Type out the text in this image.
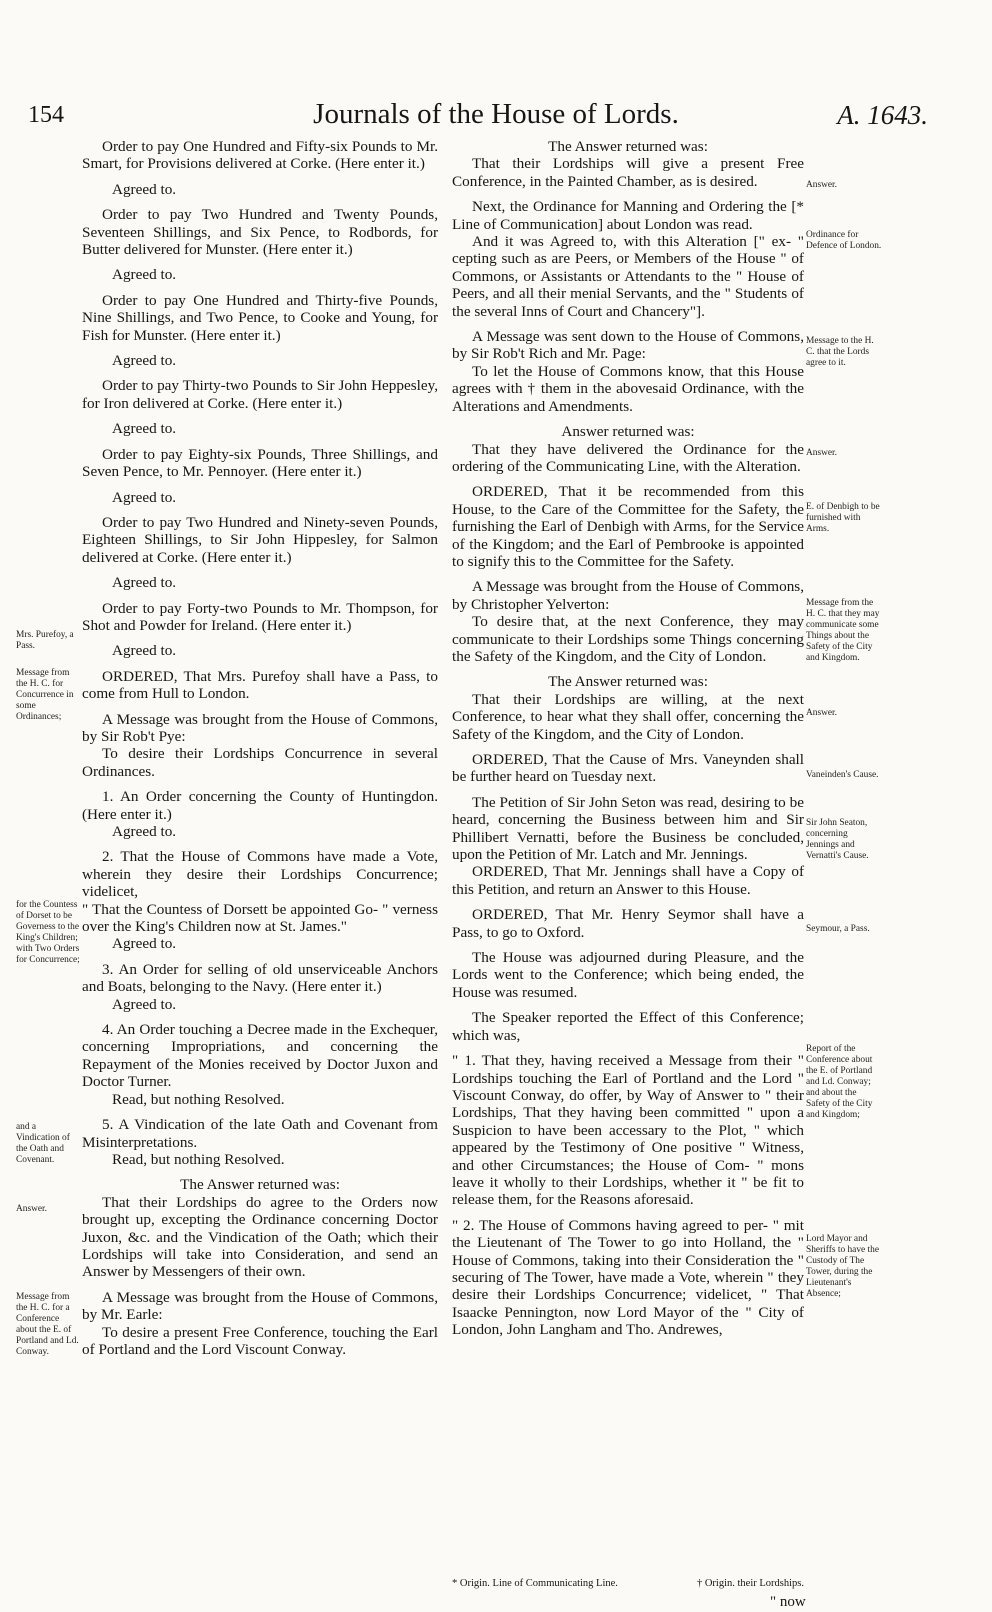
154	Journals of the House of Lords.	A. 1643.

Order to pay One Hundred and Fifty-six Pounds to Mr. Smart, for Provisions delivered at Corke. (Here enter it.)

Agreed to.

Order to pay Two Hundred and Twenty Pounds, Seventeen Shillings, and Six Pence, to Rodbords, for Butter delivered for Munster. (Here enter it.)

Agreed to.

Order to pay One Hundred and Thirty-five Pounds, Nine Shillings, and Two Pence, to Cooke and Young, for Fish for Munster. (Here enter it.)

Agreed to.

Order to pay Thirty-two Pounds to Sir John Heppesley, for Iron delivered at Corke. (Here enter it.)

Agreed to.

Order to pay Eighty-six Pounds, Three Shillings, and Seven Pence, to Mr. Pennoyer. (Here enter it.)

Agreed to.

Order to pay Two Hundred and Ninety-seven Pounds, Eighteen Shillings, to Sir John Hippesley, for Salmon delivered at Corke. (Here enter it.)

Agreed to.

Order to pay Forty-two Pounds to Mr. Thompson, for Shot and Powder for Ireland. (Here enter it.)

Agreed to.

ORDERED, That Mrs. Purefoy shall have a Pass, to come from Hull to London.

A Message was brought from the House of Commons, by Sir Rob't Pye:

To desire their Lordships Concurrence in several Ordinances.

1. An Order concerning the County of Huntingdon. (Here enter it.)

Agreed to.

2. That the House of Commons have made a Vote, wherein they desire their Lordships Concurrence; videlicet,

" That the Countess of Dorsett be appointed Go- " verness over the King's Children now at St. James."

Agreed to.

3. An Order for selling of old unserviceable Anchors and Boats, belonging to the Navy. (Here enter it.)

Agreed to.

4. An Order touching a Decree made in the Exchequer, concerning Impropriations, and concerning the Repayment of the Monies received by Doctor Juxon and Doctor Turner.

Read, but nothing Resolved.

5. A Vindication of the late Oath and Covenant from Misinterpretations.

Read, but nothing Resolved.

The Answer returned was:

That their Lordships do agree to the Orders now brought up, excepting the Ordinance concerning Doctor Juxon, &c. and the Vindication of the Oath; which their Lordships will take into Consideration, and send an Answer by Messengers of their own.

A Message was brought from the House of Commons, by Mr. Earle:

To desire a present Free Conference, touching the Earl of Portland and the Lord Viscount Conway.

The Answer returned was:

That their Lordships will give a present Free Conference, in the Painted Chamber, as is desired.

Next, the Ordinance for Manning and Ordering the [* Line of Communication] about London was read.

And it was Agreed to, with this Alteration [" ex- " cepting such as are Peers, or Members of the House " of Commons, or Assistants or Attendants to the " House of Peers, and all their menial Servants, and the " Students of the several Inns of Court and Chancery"].

A Message was sent down to the House of Commons, by Sir Rob't Rich and Mr. Page:

To let the House of Commons know, that this House agrees with † them in the abovesaid Ordinance, with the Alterations and Amendments.

Answer returned was:

That they have delivered the Ordinance for the ordering of the Communicating Line, with the Alteration.

ORDERED, That it be recommended from this House, to the Care of the Committee for the Safety, the furnishing the Earl of Denbigh with Arms, for the Service of the Kingdom; and the Earl of Pembrooke is appointed to signify this to the Committee for the Safety.

A Message was brought from the House of Commons, by Christopher Yelverton:

To desire that, at the next Conference, they may communicate to their Lordships some Things concerning the Safety of the Kingdom, and the City of London.

The Answer returned was:

That their Lordships are willing, at the next Conference, to hear what they shall offer, concerning the Safety of the Kingdom, and the City of London.

ORDERED, That the Cause of Mrs. Vaneynden shall be further heard on Tuesday next.

The Petition of Sir John Seton was read, desiring to be heard, concerning the Business between him and Sir Phillibert Vernatti, before the Business be concluded, upon the Petition of Mr. Latch and Mr. Jennings.

ORDERED, That Mr. Jennings shall have a Copy of this Petition, and return an Answer to this House.

ORDERED, That Mr. Henry Seymor shall have a Pass, to go to Oxford.

The House was adjourned during Pleasure, and the Lords went to the Conference; which being ended, the House was resumed.

The Speaker reported the Effect of this Conference; which was,

" 1. That they, having received a Message from their " Lordships touching the Earl of Portland and the Lord " Viscount Conway, do offer, by Way of Answer to " their Lordships, That they having been committed " upon a Suspicion to have been accessary to the Plot, " which appeared by the Testimony of One positive " Witness, and other Circumstances; the House of Com- " mons leave it wholly to their Lordships, whether it " be fit to release them, for the Reasons aforesaid.

" 2. The House of Commons having agreed to per- " mit the Lieutenant of The Tower to go into Holland, the " House of Commons, taking into their Consideration the " securing of The Tower, have made a Vote, wherein " they desire their Lordships Concurrence; videlicet, " That Isaacke Pennington, now Lord Mayor of the " City of London, John Langham and Tho. Andrewes,

Mrs. Purefoy, a Pass.
Message from the H. C. for Concurrence in some Ordinances;
for the Countess of Dorset to be Governess to the King's Children; with Two Orders for Concurrence;
and a Vindication of the Oath and Covenant.
Answer.
Message from the H. C. for a Conference about the E. of Portland and Ld. Conway.
Answer.
Ordinance for Defence of London.
Message to the H. C. that the Lords agree to it.
Answer.
E. of Denbigh to be furnished with Arms.
Message from the H. C. that they may communicate some Things about the Safety of the City and Kingdom.
Answer.
Vaneinden's Cause.
Sir John Seaton, concerning Jennings and Vernatti's Cause.
Seymour, a Pass.
Report of the Conference about the E. of Portland and Ld. Conway; and about the Safety of the City and Kingdom;
Lord Mayor and Sheriffs to have the Custody of The Tower, during the Lieutenant's Absence;
* Origin. Line of Communicating Line.	† Origin. their Lordships.
" now
